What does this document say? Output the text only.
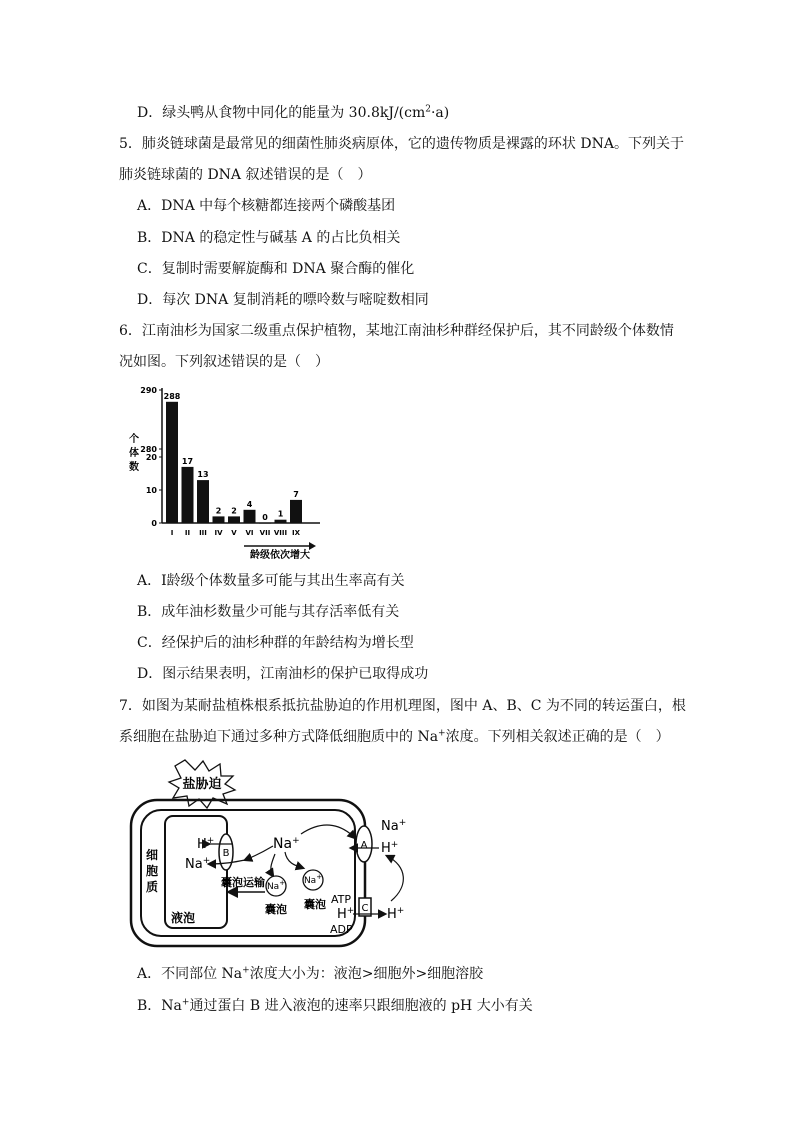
D．绿头鸭从食物中同化的能量为 $30.8kJ/(cm^2\cdot a)$
5．肺炎链球菌是最常见的细菌性肺炎病原体，它的遗传物质是裸露的环状 DNA。下列关于
肺炎链球菌的 DNA 叙述错误的是（　）
A．DNA 中每个核糖都连接两个磷酸基团
B．DNA 的稳定性与碱基 A 的占比负相关
C．复制时需要解旋酶和 DNA 聚合酶的催化
D．每次 DNA 复制消耗的嘌呤数与嘧啶数相同
6．江南油杉为国家二级重点保护植物，某地江南油杉种群经保护后，其不同龄级个体数情
况如图。下列叙述错误的是（　）
0
10
20
280
290
288
I
17
II
13
III
2
IV
2
V
4
VI
0
VII
1
VIII
7
IX
个
体
数
龄级依次增大
A．Ⅰ龄级个体数量多可能与其出生率高有关
B．成年油杉数量少可能与其存活率低有关
C．经保护后的油杉种群的年龄结构为增长型
D．图示结果表明，江南油杉的保护已取得成功
7．如图为某耐盐植株根系抵抗盐胁迫的作用机理图，图中 A、B、C 为不同的转运蛋白，根
系细胞在盐胁迫下通过多种方式降低细胞质中的 Na+浓度。下列相关叙述正确的是（　）
盐胁迫
液泡
细
胞
质
B
H+
Na+
Na+
Na+
囊泡
Na+
囊泡
囊泡运输
A
Na+
H+
C
ATP
ADP
H+	H+
A．不同部位 Na+浓度大小为：液泡>细胞外>细胞溶胶
B．Na+通过蛋白 B 进入液泡的速率只跟细胞液的 pH 大小有关
